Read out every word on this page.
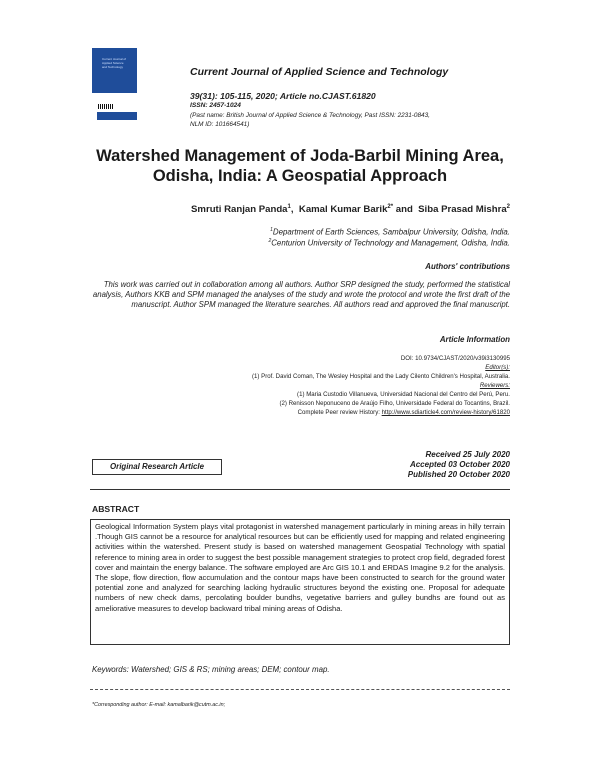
Current Journal of
Applied Science
and Technology	Current Journal of Applied Science and Technology
39(31): 105-115, 2020; Article no.CJAST.61820
ISSN: 2457-1024
(Past name: British Journal of Applied Science & Technology, Past ISSN: 2231-0843,
NLM ID: 101664541)
Watershed Management of Joda-Barbil Mining Area,
Odisha, India: A Geospatial Approach
Smruti Ranjan Panda$^1$,  Kamal Kumar Barik$^{2*}$ and  Siba Prasad Mishra$^2$
$^1$Department of Earth Sciences, Sambalpur University, Odisha, India.
$^2$Centurion University of Technology and Management, Odisha, India.
Authors' contributions
This work was carried out in collaboration among all authors. Author SRP designed the study, performed the statistical analysis, Authors KKB and SPM managed the analyses of the study and wrote the protocol and wrote the first draft of the manuscript. Author SPM managed the literature searches. All authors read and approved the final manuscript.
Article Information
DOI: 10.9734/CJAST/2020/v39i3130995
Editor(s):
(1) Prof. David Coman, The Wesley Hospital and the Lady Cilento Children's Hospital, Australia.
Reviewers:
(1) Maria Custodio Villanueva, Universidad Nacional del Centro del Perú, Peru.
(2) Renisson Neponuceno de Araújo Filho, Universidade Federal do Tocantins, Brazil.
Complete Peer review History: http://www.sdiarticle4.com/review-history/61820
Original Research Article
Received 25 July 2020
Accepted 03 October 2020
Published 20 October 2020
ABSTRACT
Geological Information System plays vital protagonist in watershed management particularly in mining areas in hilly terrain .Though GIS cannot be a resource for analytical resources but can be efficiently used for mapping and related engineering activities within the watershed. Present study is based on watershed management Geospatial Technology with spatial reference to mining area in order to suggest the best possible management strategies to protect crop field, degraded forest cover and maintain the energy balance. The software employed are Arc GIS 10.1 and ERDAS Imagine 9.2 for the analysis. The slope, flow direction, flow accumulation and the contour maps have been constructed to search for the ground water potential zone and analyzed for searching lacking hydraulic structures beyond the existing one. Proposal for adequate numbers of new check dams, percolating boulder bundhs, vegetative barriers and gulley bundhs are found out as ameliorative measures to develop backward tribal mining areas of Odisha.
Keywords: Watershed; GIS & RS; mining areas; DEM; contour map.
*Corresponding author: E-mail: kamalbarik@cutm.ac.in;
